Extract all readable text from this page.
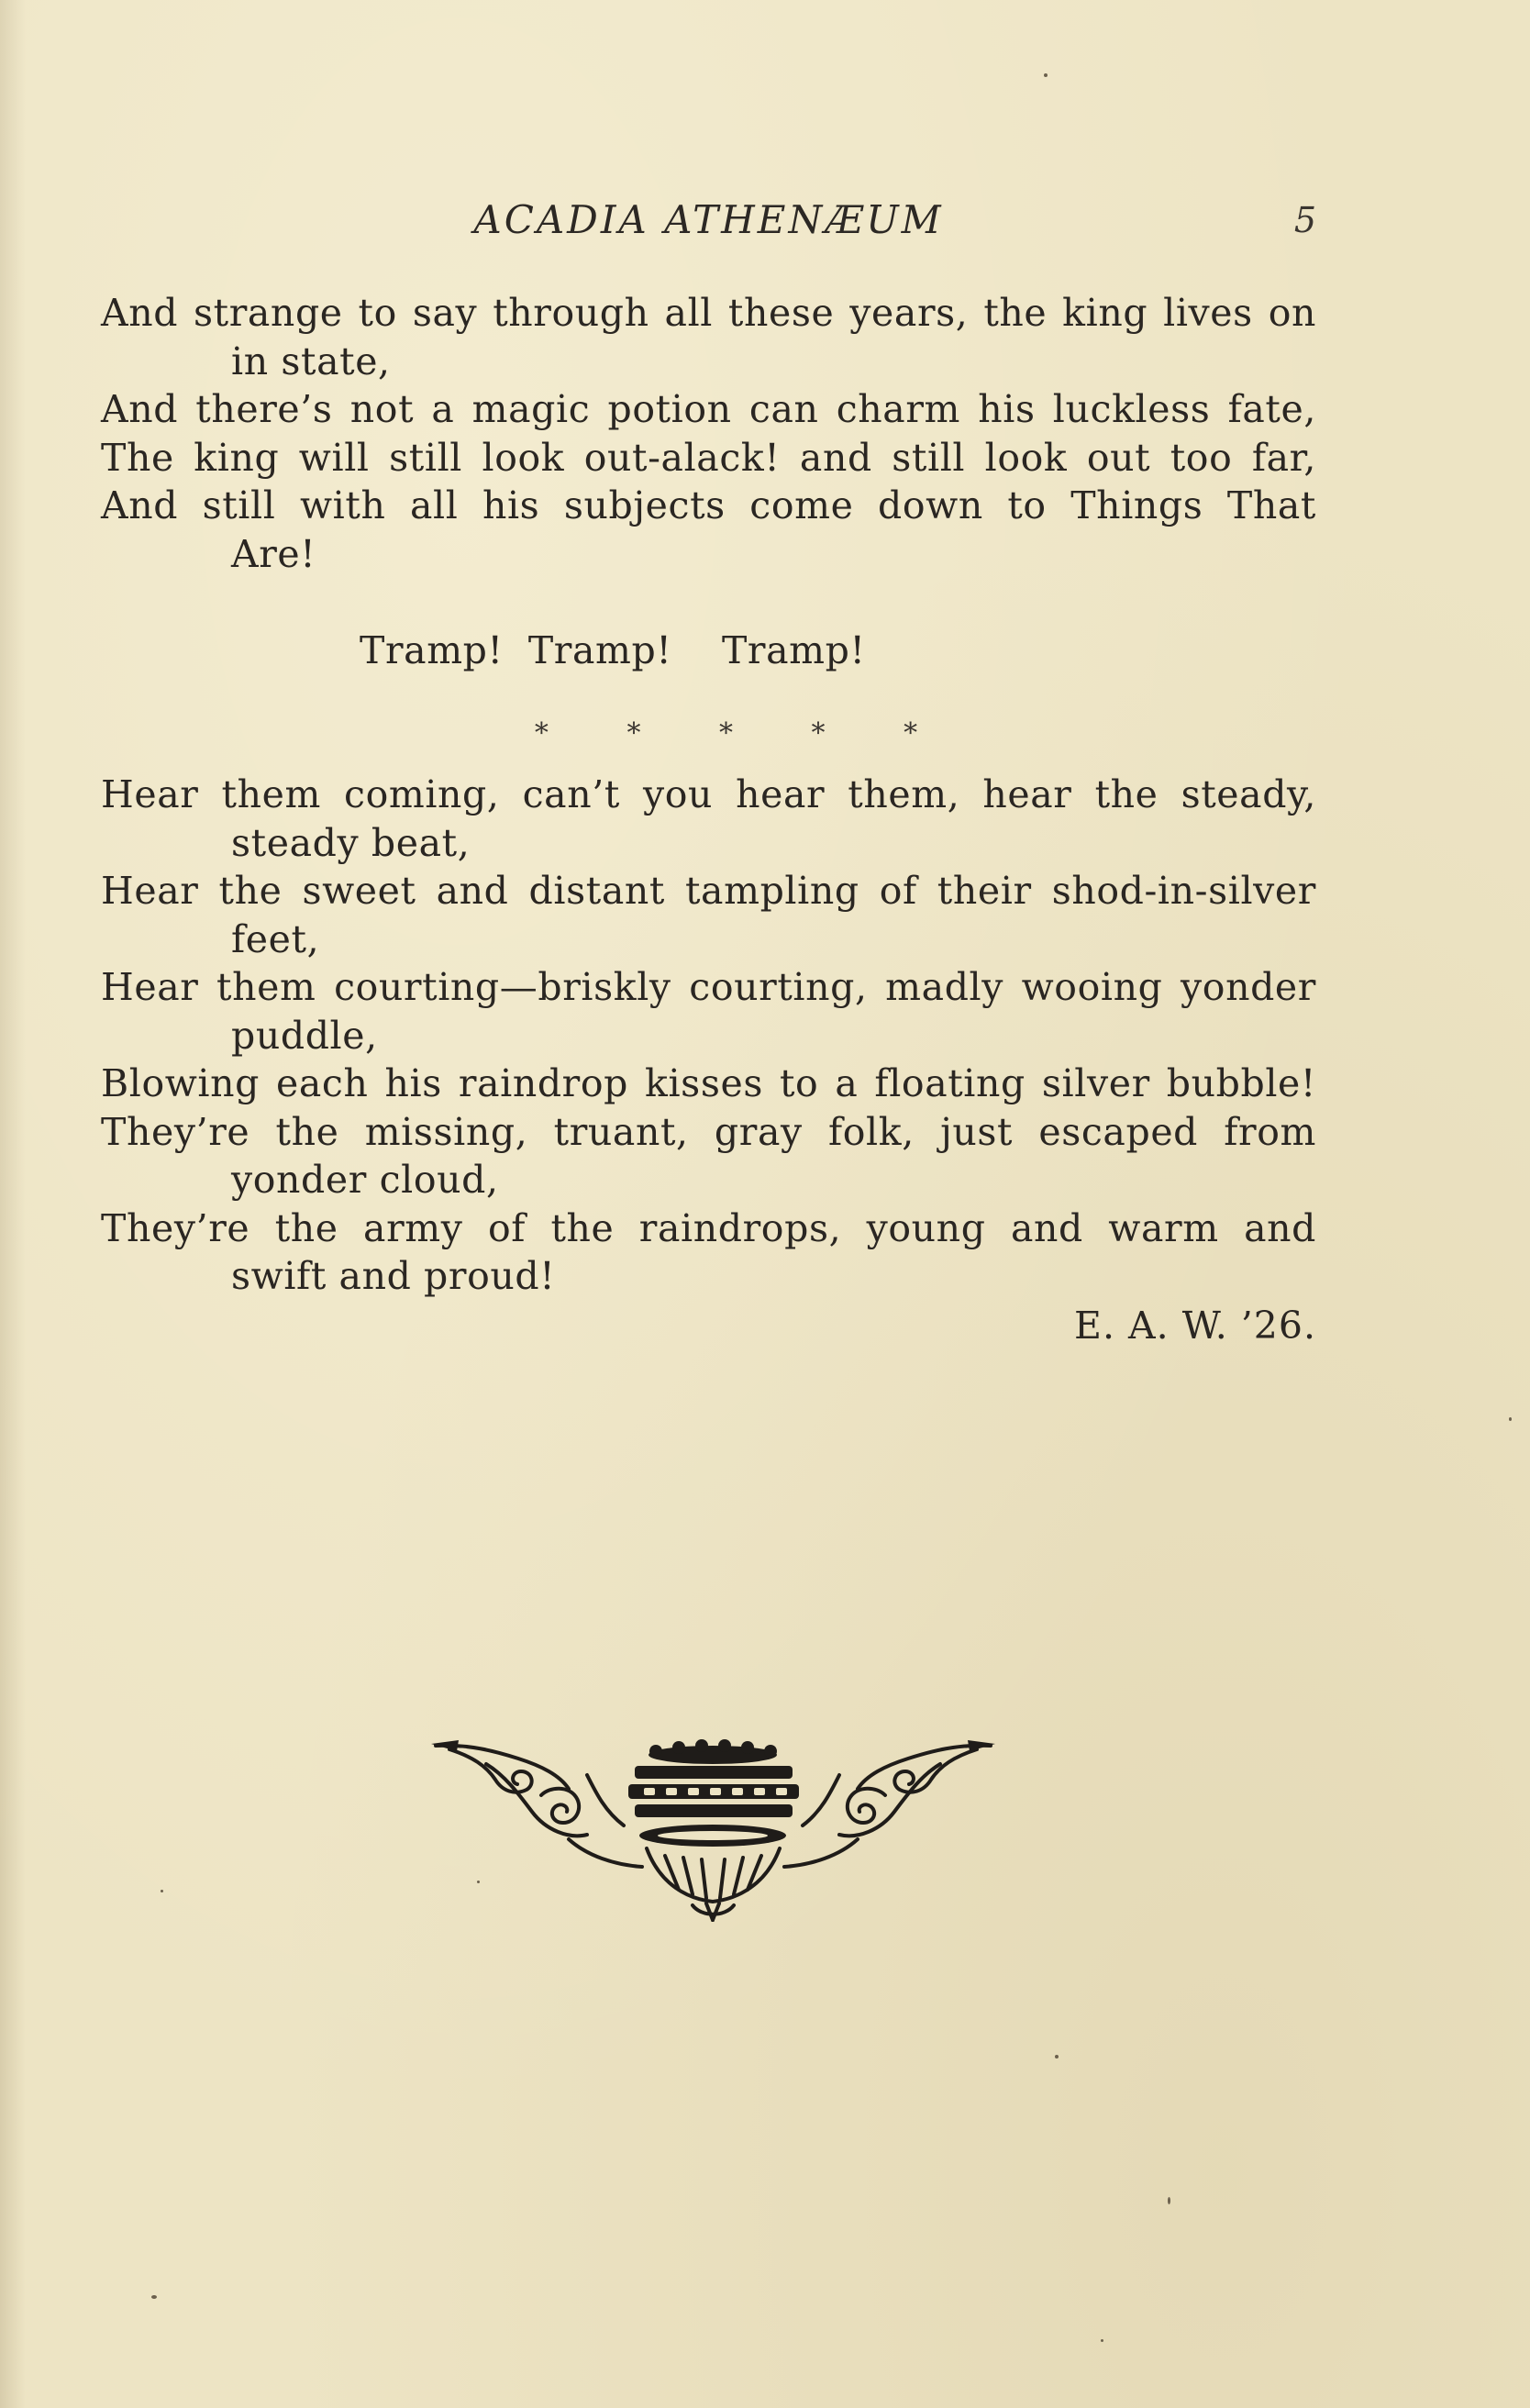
ACADIA ATHENÆUM	5
And strange to say through all these years, the king lives on
in state,
And there’s not a magic potion can charm his luckless fate,
The king will still look out-alack! and still look out too far,
And still with all his subjects come down to Things That
Are!
Tramp!  Tramp!    Tramp!
* * * * *
Hear them coming, can’t you hear them, hear the steady,
steady beat,
Hear the sweet and distant tampling of their shod-in-silver
feet,
Hear them courting—briskly courting, madly wooing yonder
puddle,
Blowing each his raindrop kisses to a floating silver bubble!
They’re the missing, truant, gray folk, just escaped from
yonder cloud,
They’re the army of the raindrops, young and warm and
swift and proud!
E. A. W. ’26.
